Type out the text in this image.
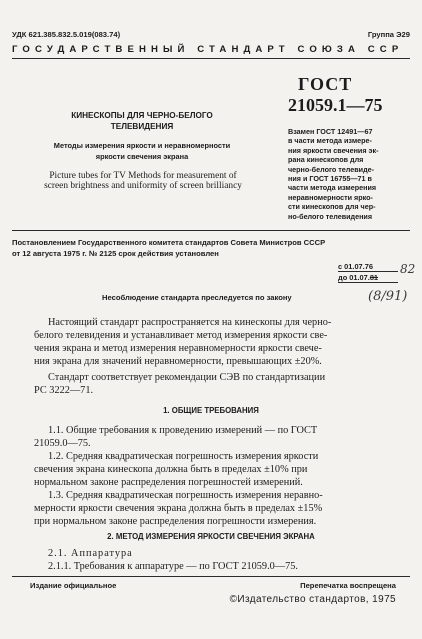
УДК 621.385.832.5.019(083.74)	Группа Э29
ГОСУДАРСТВЕННЫЙ СТАНДАРТ СОЮЗА ССР
КИНЕСКОПЫ ДЛЯ ЧЕРНО-БЕЛОГО
ТЕЛЕВИДЕНИЯ
Методы измерения яркости и неравномерности
яркости свечения экрана
Picture tubes for TV Methods for measurement of
screen brightness and uniformity of screen brilliancy
ГОСТ
21059.1—75
Взамен ГОСТ 12491—67
в части метода измере-
ния яркости свечения эк-
рана кинескопов для
черно-белого телевиде-
ния и ГОСТ 16755—71 в
части метода измерения
неравномерности ярко-
сти кинескопов для чер-
но-белого телевидения
Постановлением Государственного комитета стандартов Совета Министров СССР
от 12 августа 1975 г. № 2125 срок действия установлен
с 01.07.76
до 01.07.81
82
(8/91)
Несоблюдение стандарта преследуется по закону
Настоящий стандарт распространяется на кинескопы для черно-
белого телевидения и устанавливает метод измерения яркости све-
чения экрана и метод измерения неравномерности яркости свече-
ния экрана для значений неравномерности, превышающих ±20%.
Стандарт соответствует рекомендации СЭВ по стандартизации
РС 3222—71.
1. ОБЩИЕ ТРЕБОВАНИЯ
1.1. Общие требования к проведению измерений — по ГОСТ
21059.0—75.
1.2. Средняя квадратическая погрешность измерения яркости
свечения экрана кинескопа должна быть в пределах ±10% при
нормальном законе распределения погрешностей измерений.
1.3. Средняя квадратическая погрешность измерения неравно-
мерности яркости свечения экрана должна быть в пределах ±15%
при нормальном законе распределения погрешности измерения.
2. МЕТОД ИЗМЕРЕНИЯ ЯРКОСТИ СВЕЧЕНИЯ ЭКРАНА
2.1. Аппаратура
2.1.1. Требования к аппаратуре — по ГОСТ 21059.0—75.
Издание официальное	Перепечатка воспрещена
©Издательство стандартов, 1975
